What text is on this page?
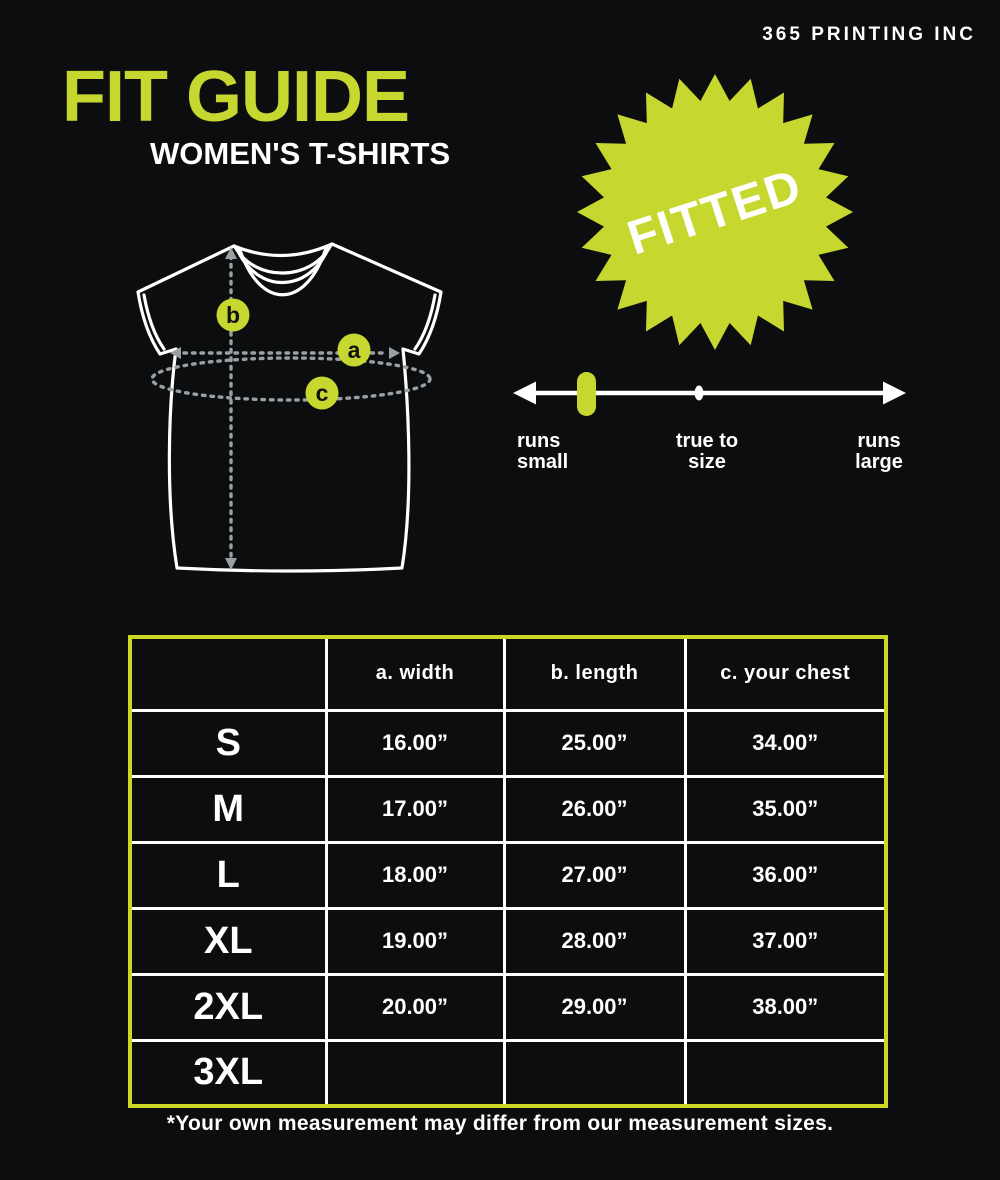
365 PRINTING INC
FIT GUIDE
WOMEN'S T-SHIRTS
b
a
c
FITTED
runs
small
true to
size
runs
large
	a. width	b. length	c. your chest
S	16.00”	25.00”	34.00”
M	17.00”	26.00”	35.00”
L	18.00”	27.00”	36.00”
XL	19.00”	28.00”	37.00”
2XL	20.00”	29.00”	38.00”
3XL			
*Your own measurement may differ from our measurement sizes.
